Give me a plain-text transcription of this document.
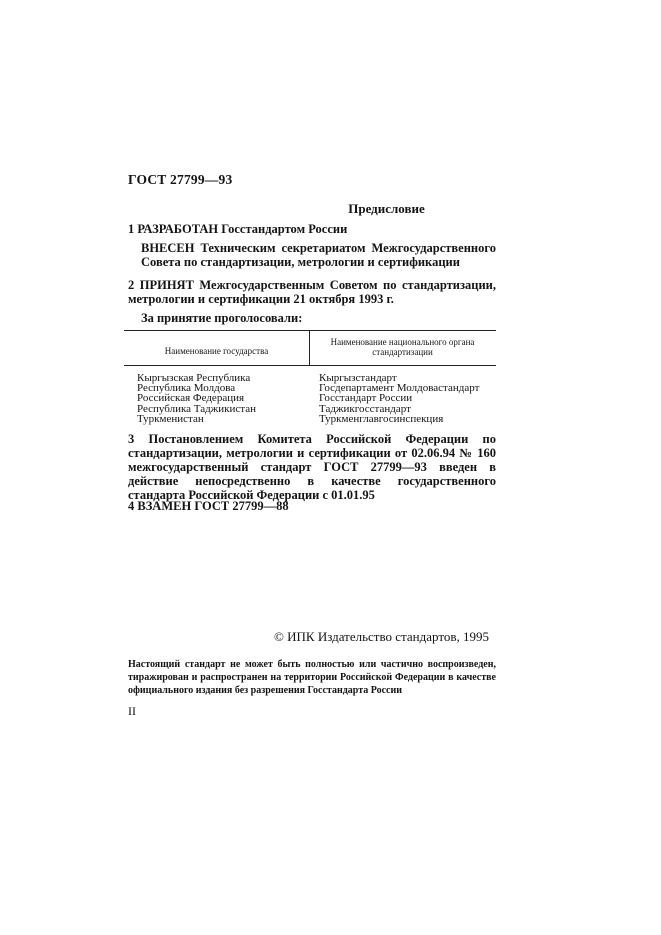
ГОСТ 27799—93
Предисловие
1 РАЗРАБОТАН Госстандартом России
ВНЕСЕН Техническим секретариатом Межгосударственного Совета по стандартизации, метрологии и сертификации
2 ПРИНЯТ Межгосударственным Советом по стандартизации, метрологии и сертификации 21 октября 1993 г.
За принятие проголосовали:
Наименование государства
Наименование национального органа стандартизации
Кыргызская Республика
Республика Молдова
Российская Федерация
Республика Таджикистан
Туркменистан
Кыргызстандарт
Госдепартамент Молдовастандарт
Госстандарт России
Таджикгосстандарт
Туркменглавгосинспекция
3 Постановлением Комитета Российской Федерации по стандартизации, метрологии и сертификации от 02.06.94 № 160 межгосударственный стандарт ГОСТ 27799—93 введен в действие непосредственно в качестве государственного стандарта Российской Федерации с 01.01.95
4 ВЗАМЕН ГОСТ 27799—88
© ИПК Издательство стандартов, 1995
Настоящий стандарт не может быть полностью или частично воспроизведен, тиражирован и распространен на территории Российской Федерации в качестве официального издания без разрешения Госстандарта России
II
